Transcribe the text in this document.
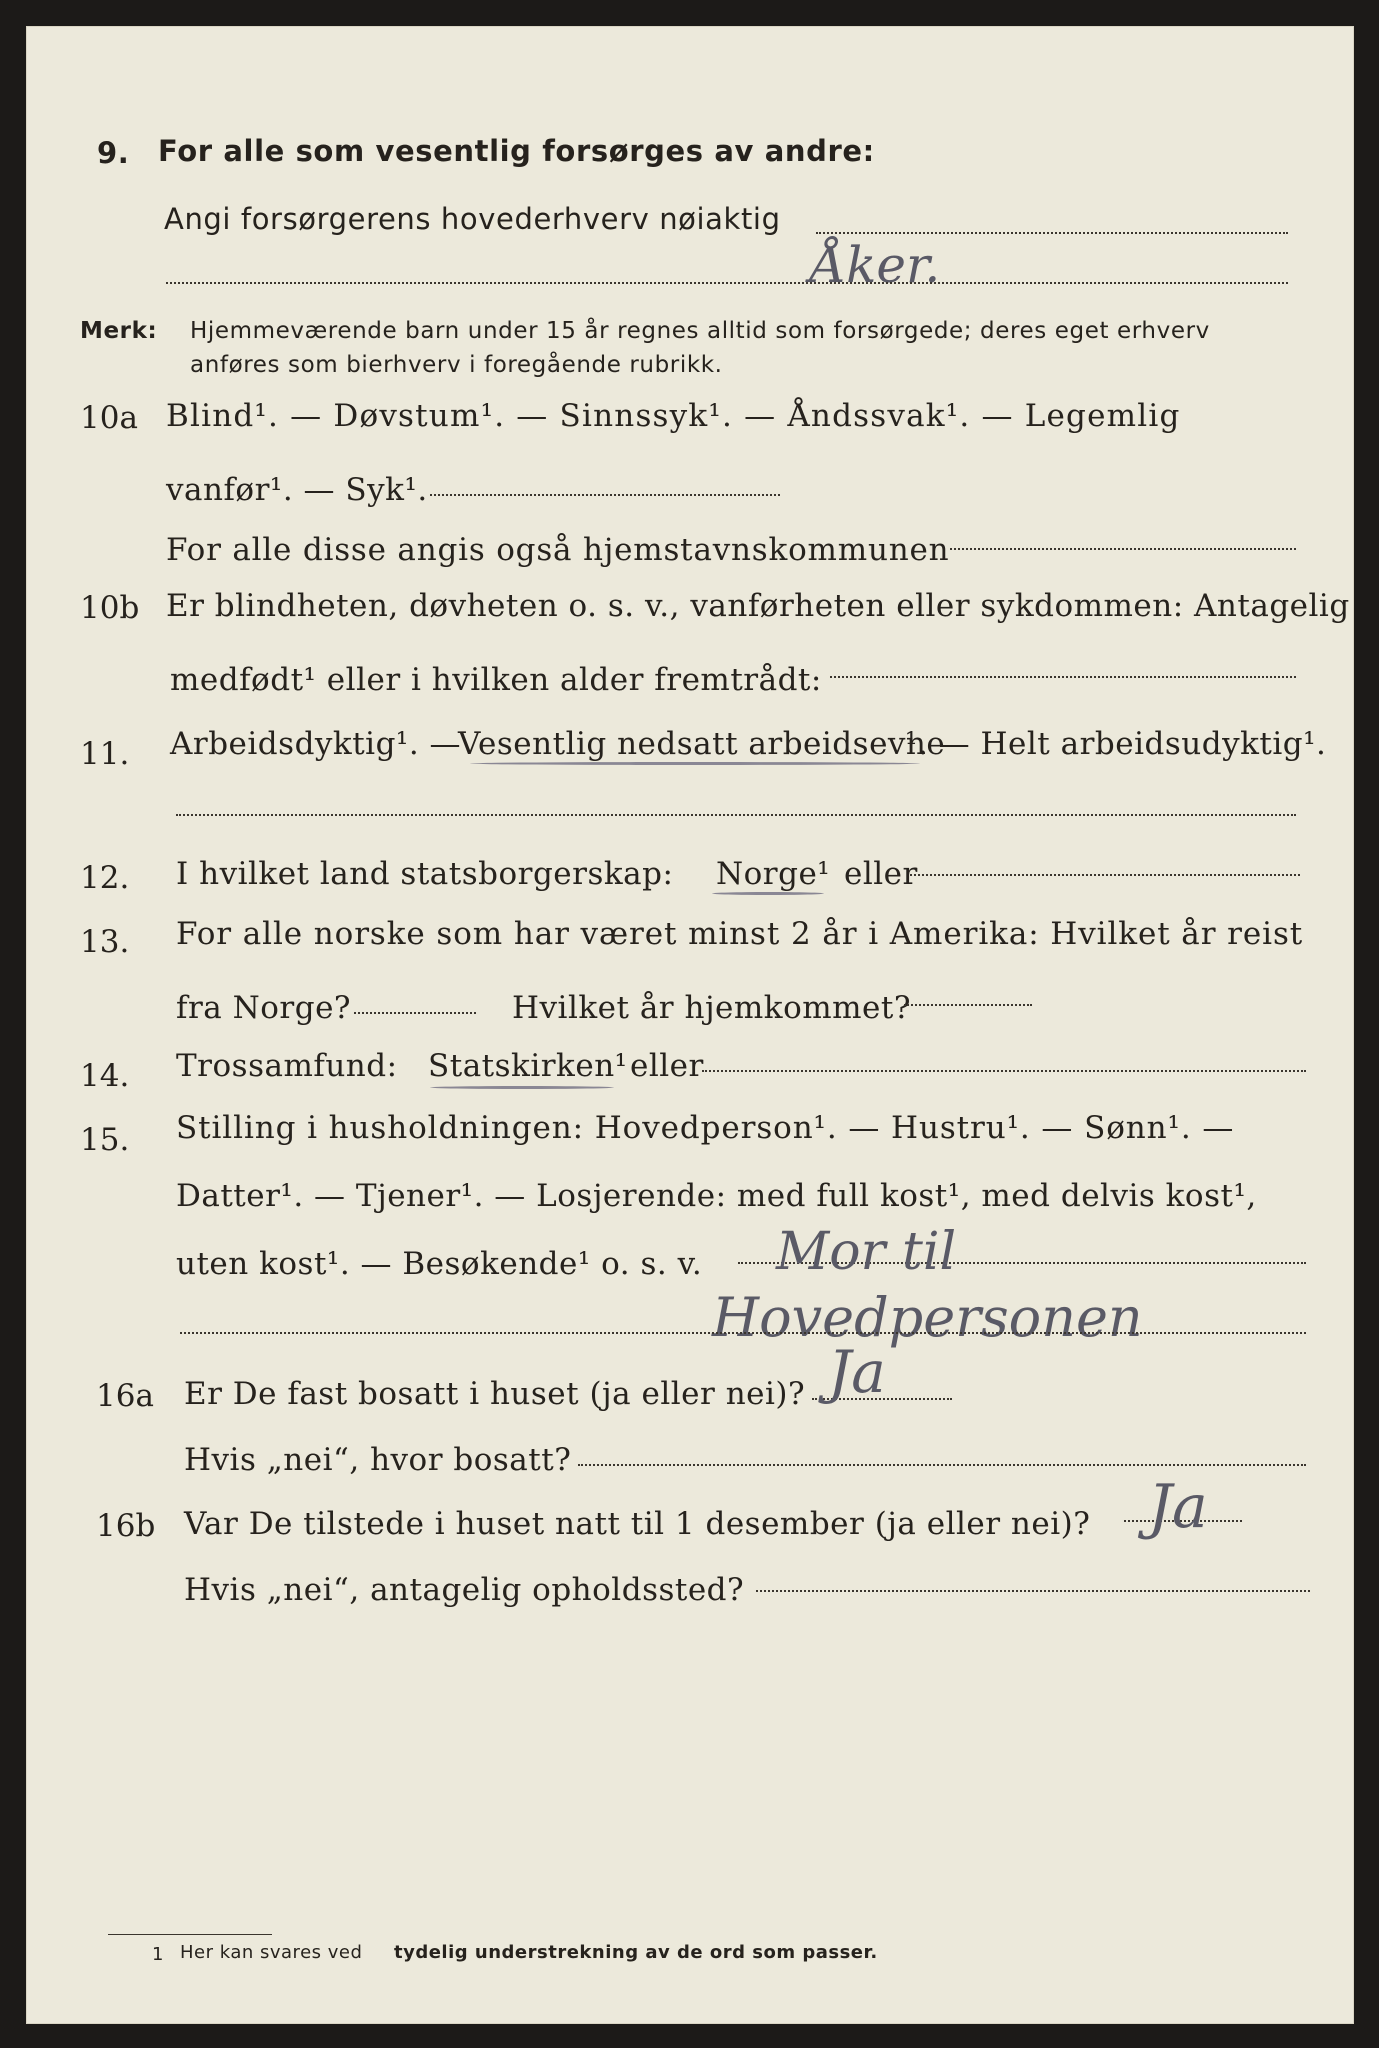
9. For alle som vesentlig forsørges av andre:
Angi forsørgerens hovederhverv nøiaktig
Åker.
Merk: Hjemmeværende barn under 15 år regnes alltid som forsørgede; deres eget erhverv
anføres som bierhverv i foregående rubrikk.
10a Blind¹. — Døvstum¹. — Sinnssyk¹. — Åndssvak¹. — Legemlig
vanfør¹. — Syk¹.
For alle disse angis også hjemstavnskommunen
10b Er blindheten, døvheten o. s. v., vanførheten eller sykdommen: Antagelig
medfødt¹ eller i hvilken alder fremtrådt:
11. Arbeidsdyktig¹. —
Vesentlig nedsatt arbeidsevne
¹. — Helt arbeidsudyktig¹.
12. I hvilket land statsborgerskap: Norge¹ eller
13. For alle norske som har været minst 2 år i Amerika: Hvilket år reist
fra Norge?	Hvilket år hjemkommet?
14. Trossamfund: Statskirken¹ eller
15. Stilling i husholdningen: Hovedperson¹. — Hustru¹. — Sønn¹. —
Datter¹. — Tjener¹. — Losjerende: med full kost¹, med delvis kost¹,
uten kost¹. — Besøkende¹ o. s. v. Mor til
Hovedpersonen
16a Er De fast bosatt i huset (ja eller nei)? Ja
Hvis „nei“, hvor bosatt?
16b Var De tilstede i huset natt til 1 desember (ja eller nei)? Ja
Hvis „nei“, antagelig opholdssted?
1 Her kan svares ved tydelig understrekning av de ord som passer.
